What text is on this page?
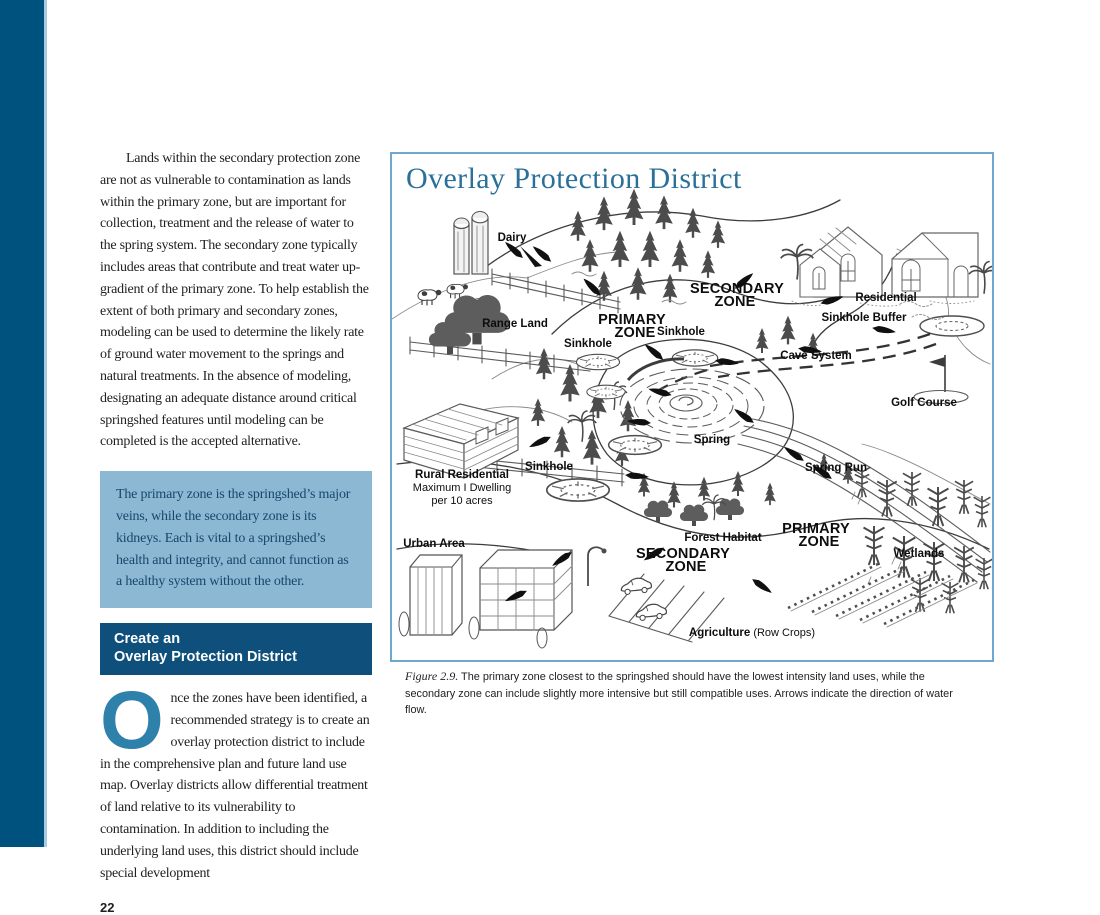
Lands within the secondary protection zone are not as vulnerable to contamination as lands within the primary zone, but are important for collection, treatment and the release of water to the spring system. The secondary zone typically includes areas that contribute and treat water up-gradient of the primary zone. To help establish the extent of both primary and secondary zones, modeling can be used to determine the likely rate of ground water movement to the springs and natural treatments. In the absence of modeling, designating an adequate distance around critical springshed features until modeling can be completed is the accepted alternative.

The primary zone is the springshed’s major veins, while the secondary zone is its kidneys. Each is vital to a springshed’s health and integrity, and cannot function as a healthy system without the other.

Create an
Overlay Protection District

Once the zones have been identified, a recommended strategy is to create an overlay protection district to include in the comprehensive plan and future land use map. Overlay districts allow differential treatment of land relative to its vulnerability to contamination. In addition to including the underlying land uses, this district should include special development

22
Overlay Protection District
Dairy
SECONDARY
ZONE
PRIMARY
ZONE
Range Land
Sinkhole
Sinkhole
Residential
Sinkhole Buffer
Cave System
Golf Course
Spring
Spring Run
Sinkhole
Rural Residential
Maximum I Dwelling
per 10 acres
Urban Area	Forest Habitat
PRIMARY
ZONE
SECONDARY
ZONE
Wetlands
Agriculture (Row Crops)

Figure 2.9. The primary zone closest to the springshed should have the lowest intensity land uses, while the secondary zone can include slightly more intensive but still compatible uses. Arrows indicate the direction of water flow.
